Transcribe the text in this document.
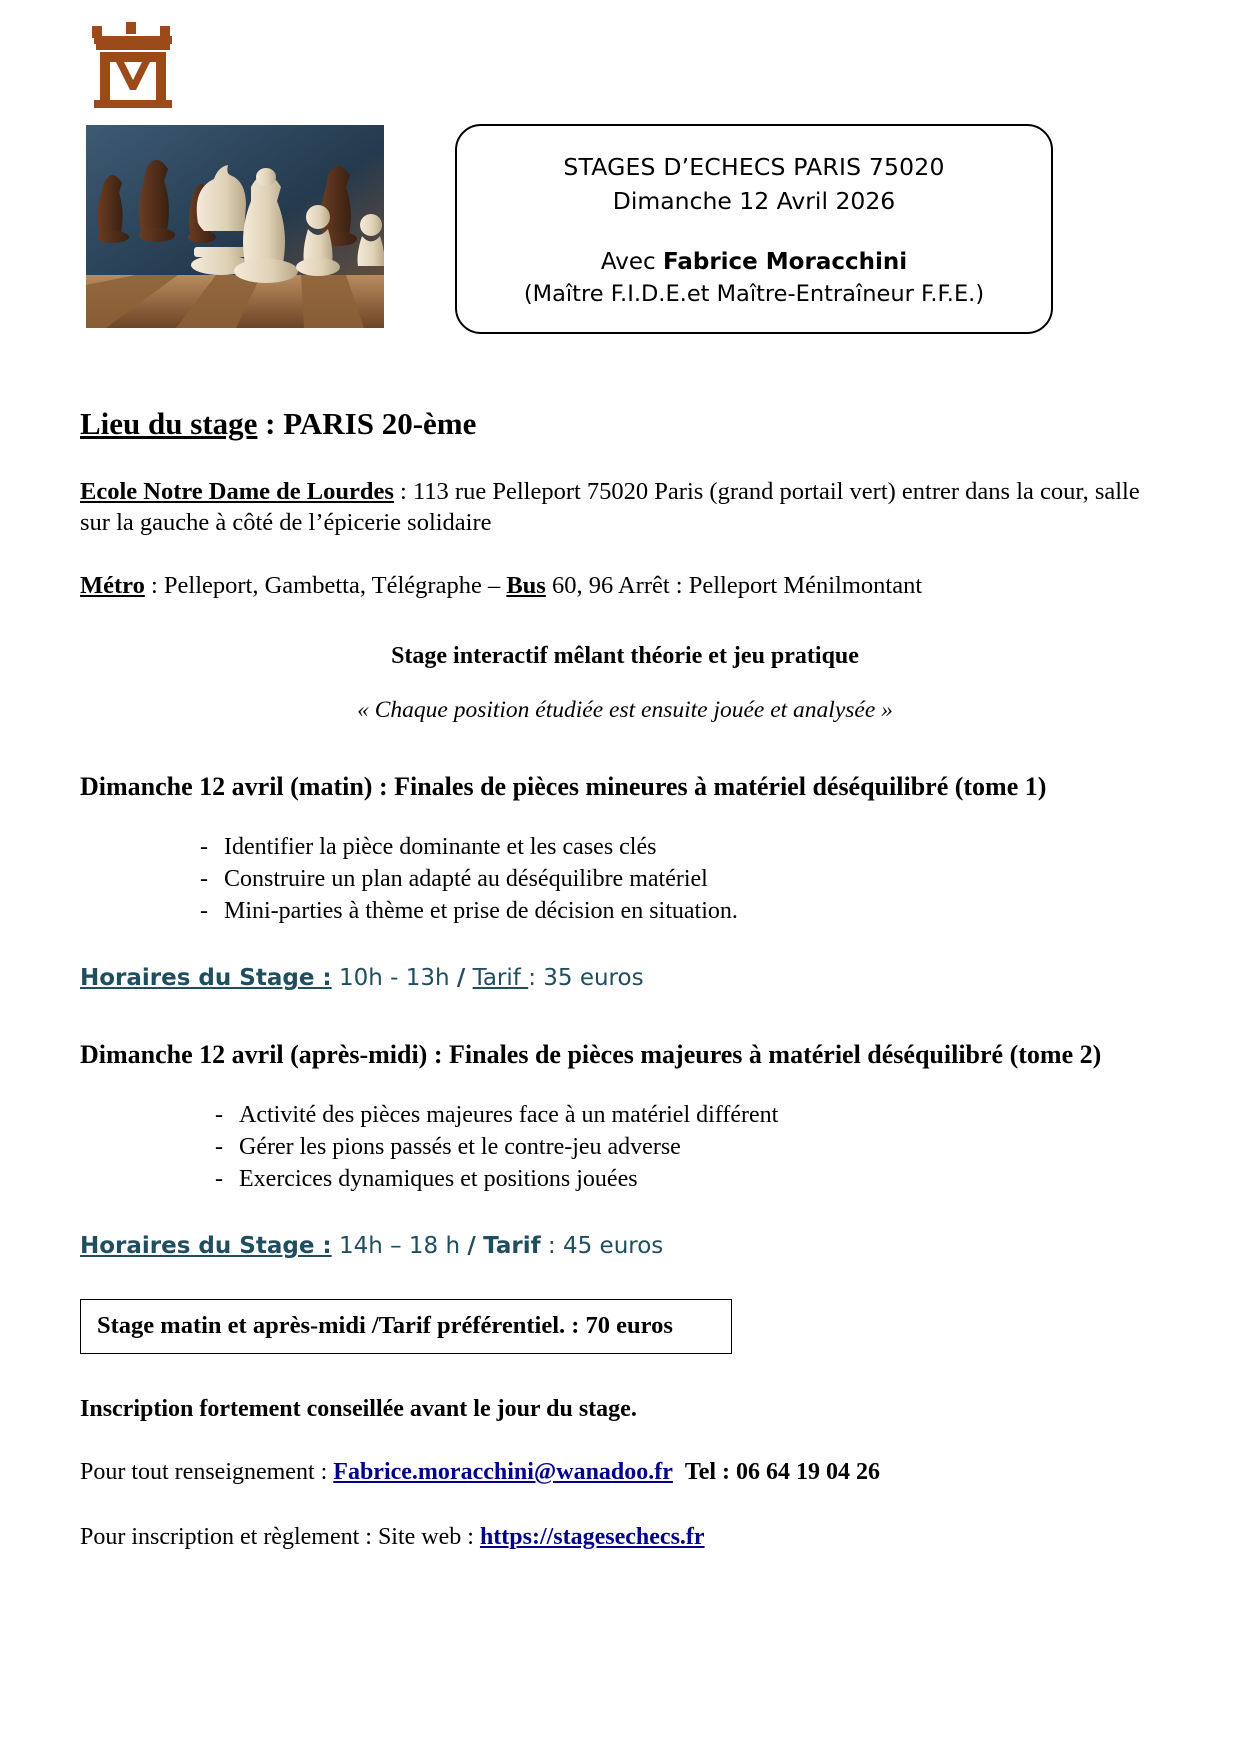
STAGES D’ECHECS PARIS 75020
Dimanche 12 Avril 2026
Avec Fabrice Moracchini
(Maître F.I.D.E.et Maître-Entraîneur F.F.E.)

Lieu du stage : PARIS 20-ème

Ecole Notre Dame de Lourdes : 113 rue Pelleport 75020 Paris (grand portail vert) entrer dans la cour, salle sur la gauche à côté de l’épicerie solidaire

Métro : Pelleport, Gambetta, Télégraphe – Bus 60, 96 Arrêt : Pelleport Ménilmontant

Stage interactif mêlant théorie et jeu pratique

« Chaque position étudiée est ensuite jouée et analysée »

Dimanche 12 avril (matin) : Finales de pièces mineures à matériel déséquilibré (tome 1)

- Identifier la pièce dominante et les cases clés
- Construire un plan adapté au déséquilibre matériel
- Mini-parties à thème et prise de décision en situation.

Horaires du Stage : 10h - 13h / Tarif : 35 euros

Dimanche 12 avril (après-midi) : Finales de pièces majeures à matériel déséquilibré (tome 2)

- Activité des pièces majeures face à un matériel différent
- Gérer les pions passés et le contre-jeu adverse
- Exercices dynamiques et positions jouées

Horaires du Stage : 14h – 18 h / Tarif : 45 euros

Stage matin et après-midi /Tarif préférentiel. : 70 euros

Inscription fortement conseillée avant le jour du stage.

Pour tout renseignement : Fabrice.moracchini@wanadoo.fr Tel : 06 64 19 04 26

Pour inscription et règlement : Site web : https://stagesechecs.fr
